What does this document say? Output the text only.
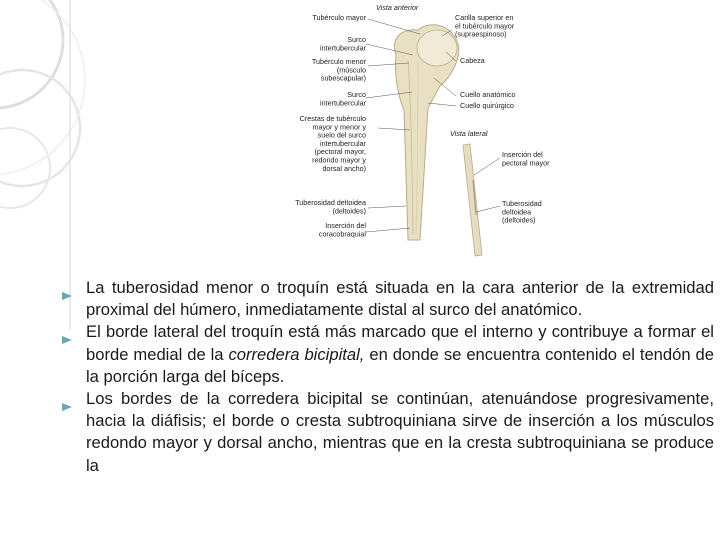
Tubérculo mayor
Surco
intertubercular
Tubérculo menor
(músculo
subescapular)
Surco
intertubercular
Crestas de tubérculo
mayor y menor y
suelo del surco
intertubercular
(pectoral mayor,
redondo mayor y
dorsal ancho)
Tuberosidad deltoidea
(deltoides)
Inserción del
coracobraquial
Carilla superior en
el tubérculo mayor
(supraespinoso)
Cabeza
Cuello anatómico
Cuello quirúrgico
Inserción del
pectoral mayor
Tuberosidad
deltoidea
(deltoides)
Vista anterior
Vista lateral
La tuberosidad menor o troquín está situada en la cara anterior de la extremidad proximal del húmero, inmediatamente distal al surco del anatómico.
El borde lateral del troquín está más marcado que el interno y contribuye a formar el borde medial de la corredera bicipital, en donde se encuentra contenido el tendón de la porción larga del bíceps.
Los bordes de la corredera bicipital se continúan, atenuándose progresivamente, hacia la diáfisis; el borde o cresta subtroquiniana sirve de inserción a los músculos redondo mayor y dorsal ancho, mientras que en la cresta subtroquiniana se produce la
